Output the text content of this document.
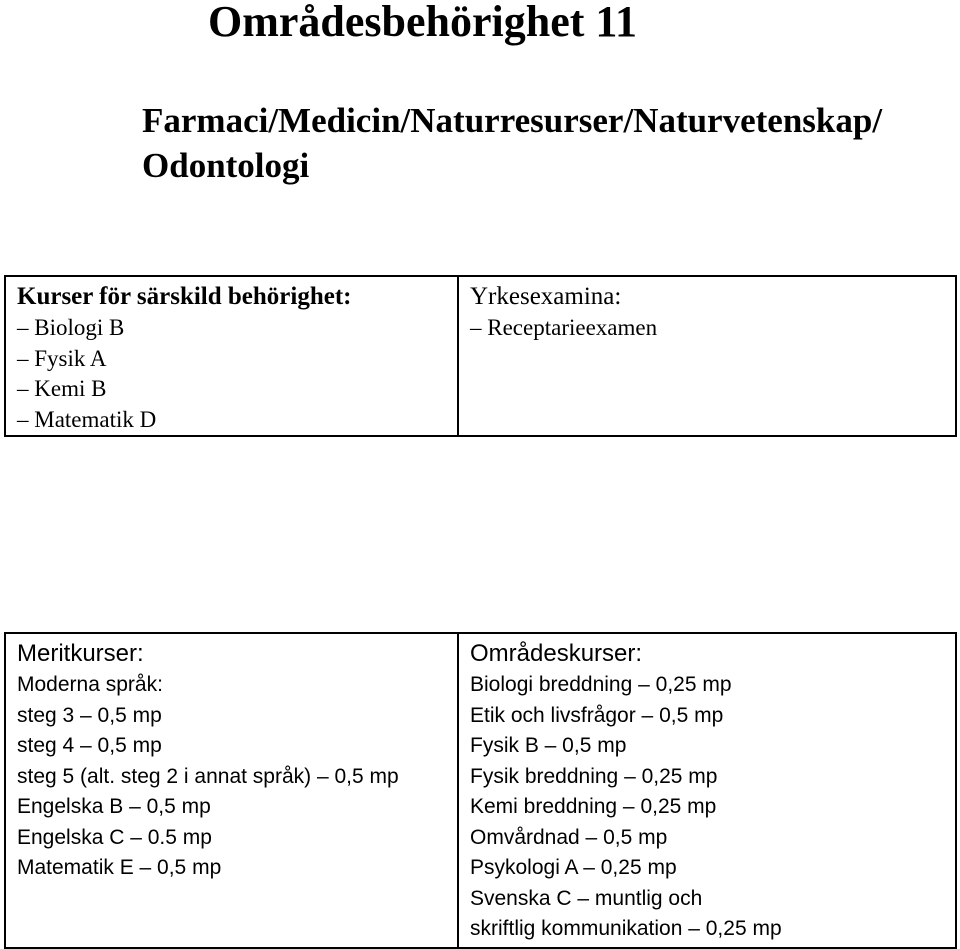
Områdesbehörighet 11
Farmaci/Medicin/Naturresurser/Naturvetenskap/
Odontologi
Kurser för särskild behörighet:
– Biologi B
– Fysik A
– Kemi B
– Matematik D

Yrkesexamina:
– Receptarieexamen
Meritkurser:
Moderna språk:
steg 3 – 0,5 mp
steg 4 – 0,5 mp
steg 5 (alt. steg 2 i annat språk) – 0,5 mp
Engelska B – 0,5 mp
Engelska C – 0.5 mp
Matematik E – 0,5 mp

Områdeskurser:
Biologi breddning – 0,25 mp
Etik och livsfrågor – 0,5 mp
Fysik B – 0,5 mp
Fysik breddning – 0,25 mp
Kemi breddning – 0,25 mp
Omvårdnad – 0,5 mp
Psykologi A – 0,25 mp
Svenska C – muntlig och
skriftlig kommunikation – 0,25 mp
